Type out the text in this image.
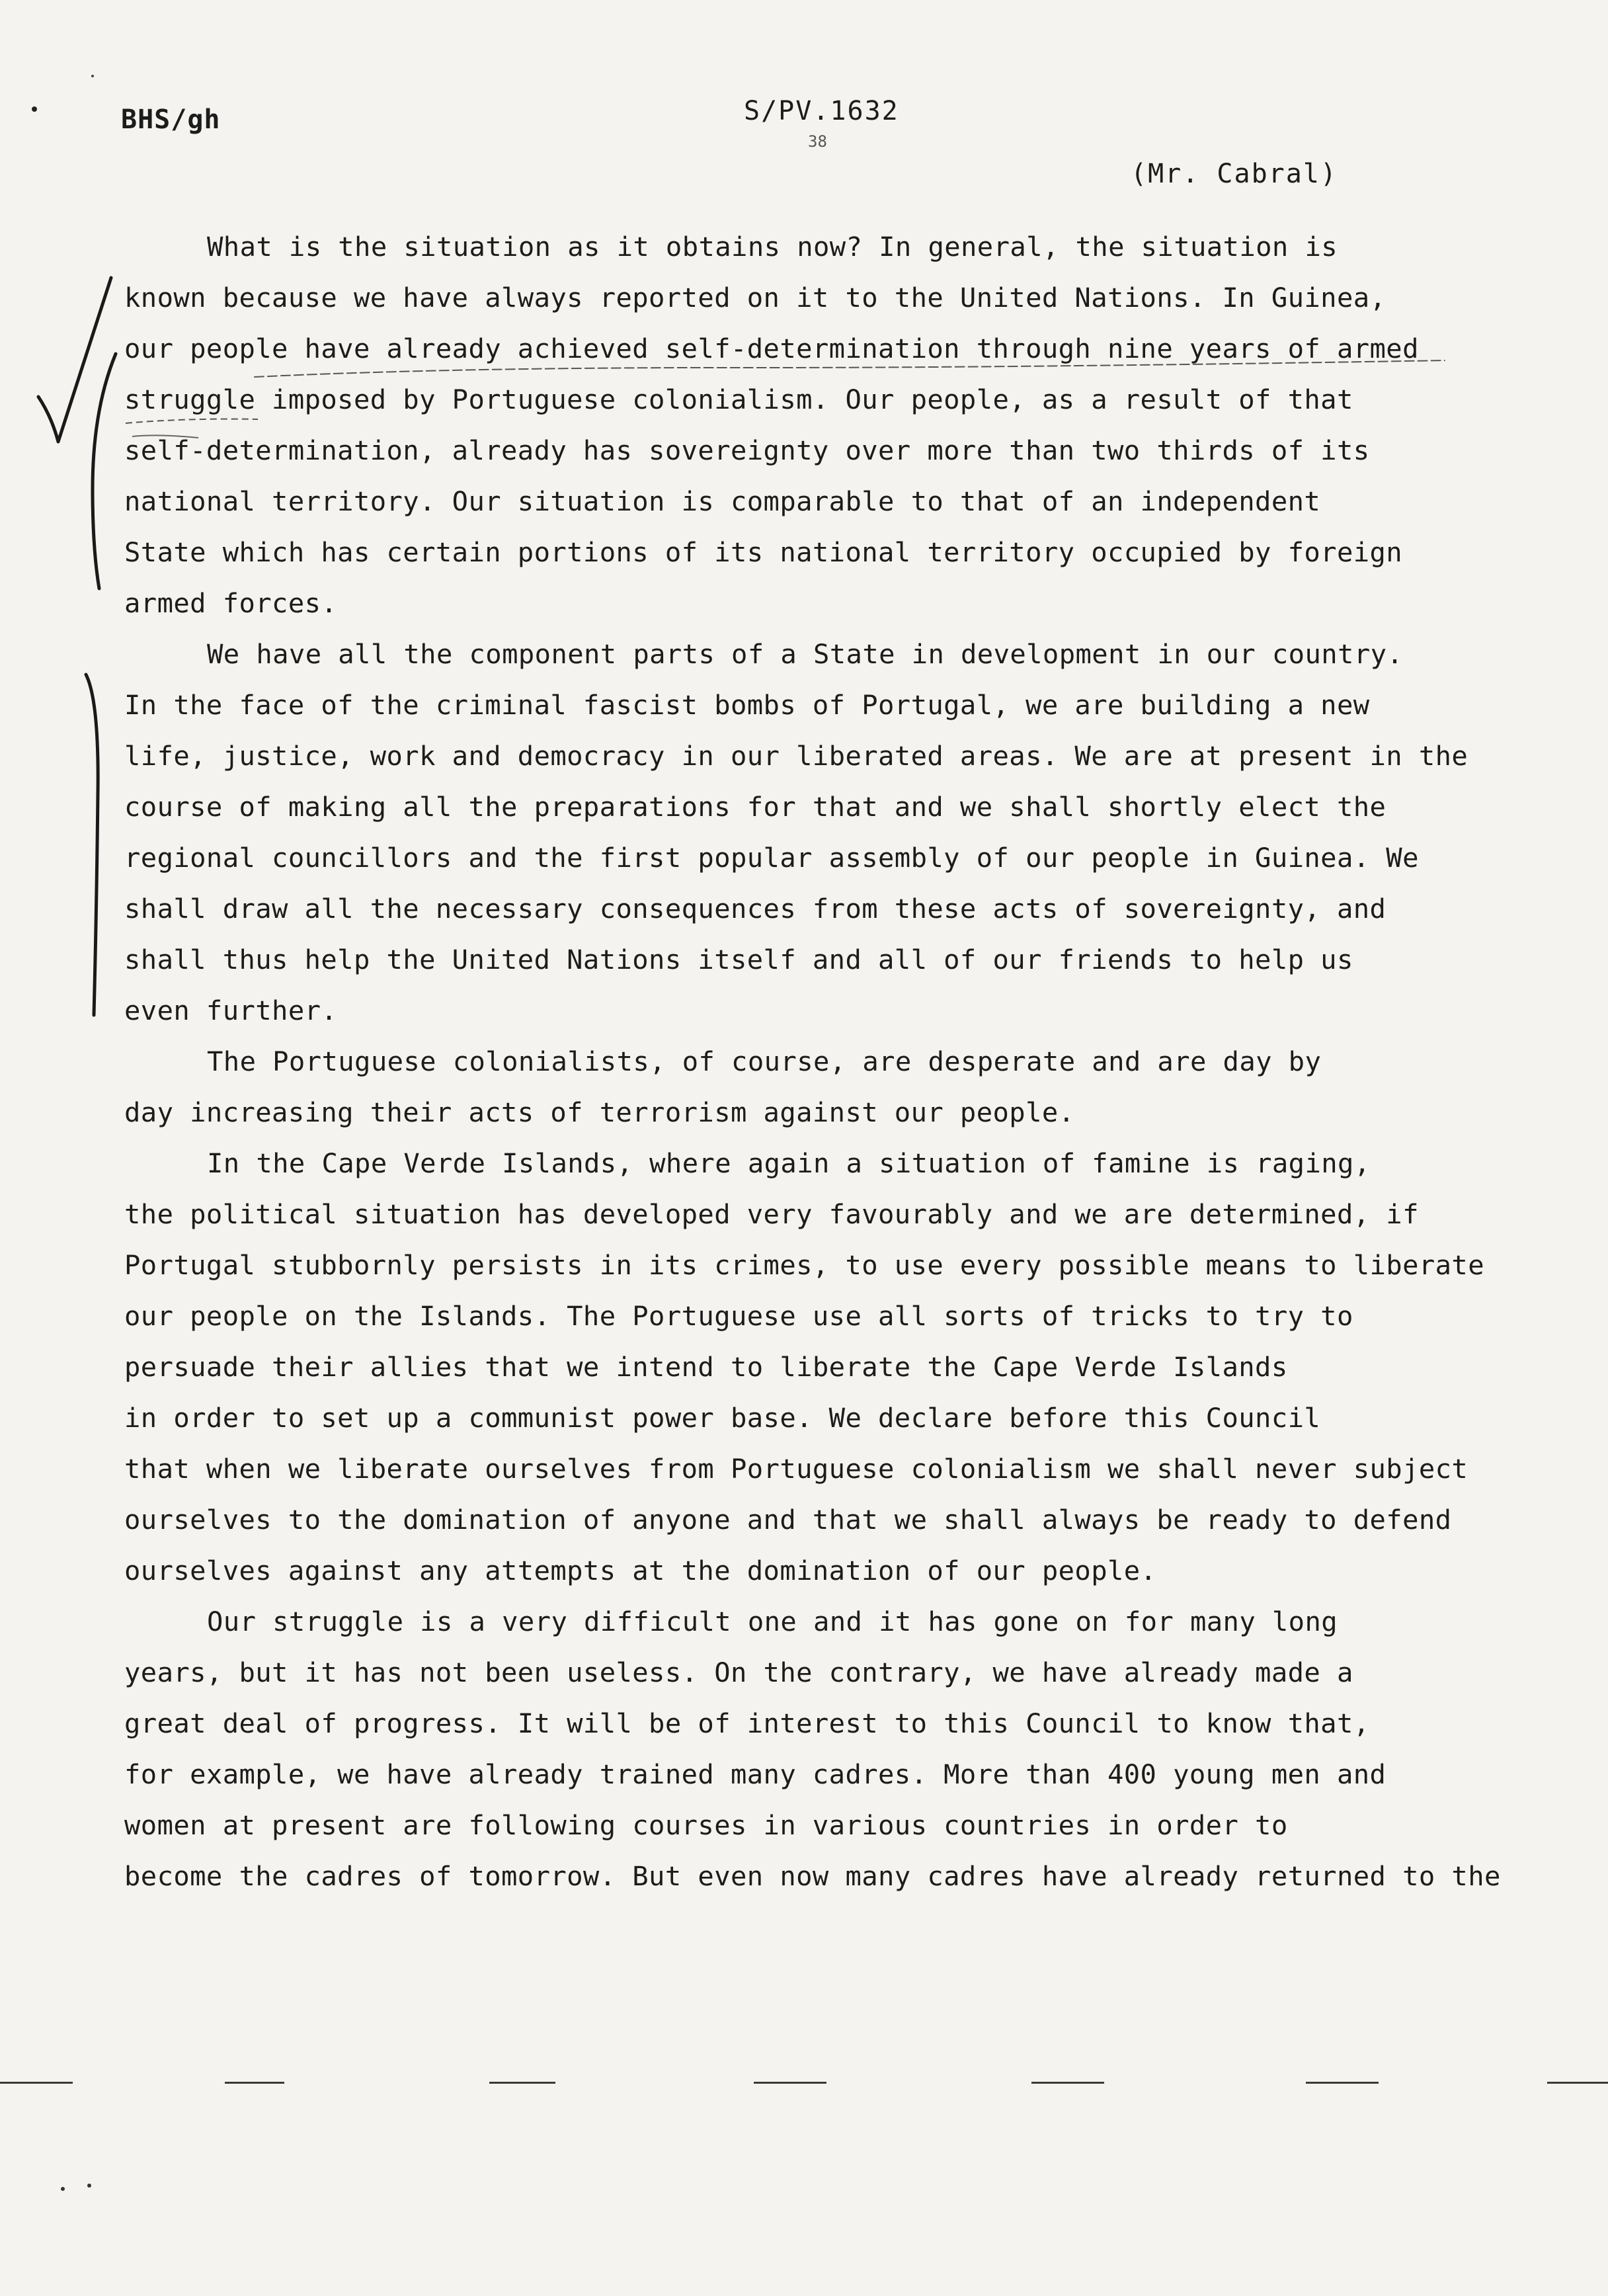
BHS/gh	S/PV.1632
38
(Mr. Cabral)

What is the situation as it obtains now? In general, the situation is
known because we have always reported on it to the United Nations. In Guinea,
our people have already achieved self-determination through nine years of armed
struggle imposed by Portuguese colonialism. Our people, as a result of that
self-determination, already has sovereignty over more than two thirds of its
national territory. Our situation is comparable to that of an independent
State which has certain portions of its national territory occupied by foreign
armed forces.

We have all the component parts of a State in development in our country.
In the face of the criminal fascist bombs of Portugal, we are building a new
life, justice, work and democracy in our liberated areas. We are at present in the
course of making all the preparations for that and we shall shortly elect the
regional councillors and the first popular assembly of our people in Guinea. We
shall draw all the necessary consequences from these acts of sovereignty, and
shall thus help the United Nations itself and all of our friends to help us
even further.

The Portuguese colonialists, of course, are desperate and are day by
day increasing their acts of terrorism against our people.

In the Cape Verde Islands, where again a situation of famine is raging,
the political situation has developed very favourably and we are determined, if
Portugal stubbornly persists in its crimes, to use every possible means to liberate
our people on the Islands. The Portuguese use all sorts of tricks to try to
persuade their allies that we intend to liberate the Cape Verde Islands
in order to set up a communist power base. We declare before this Council
that when we liberate ourselves from Portuguese colonialism we shall never subject
ourselves to the domination of anyone and that we shall always be ready to defend
ourselves against any attempts at the domination of our people.

Our struggle is a very difficult one and it has gone on for many long
years, but it has not been useless. On the contrary, we have already made a
great deal of progress. It will be of interest to this Council to know that,
for example, we have already trained many cadres. More than 400 young men and
women at present are following courses in various countries in order to
become the cadres of tomorrow. But even now many cadres have already returned to the
